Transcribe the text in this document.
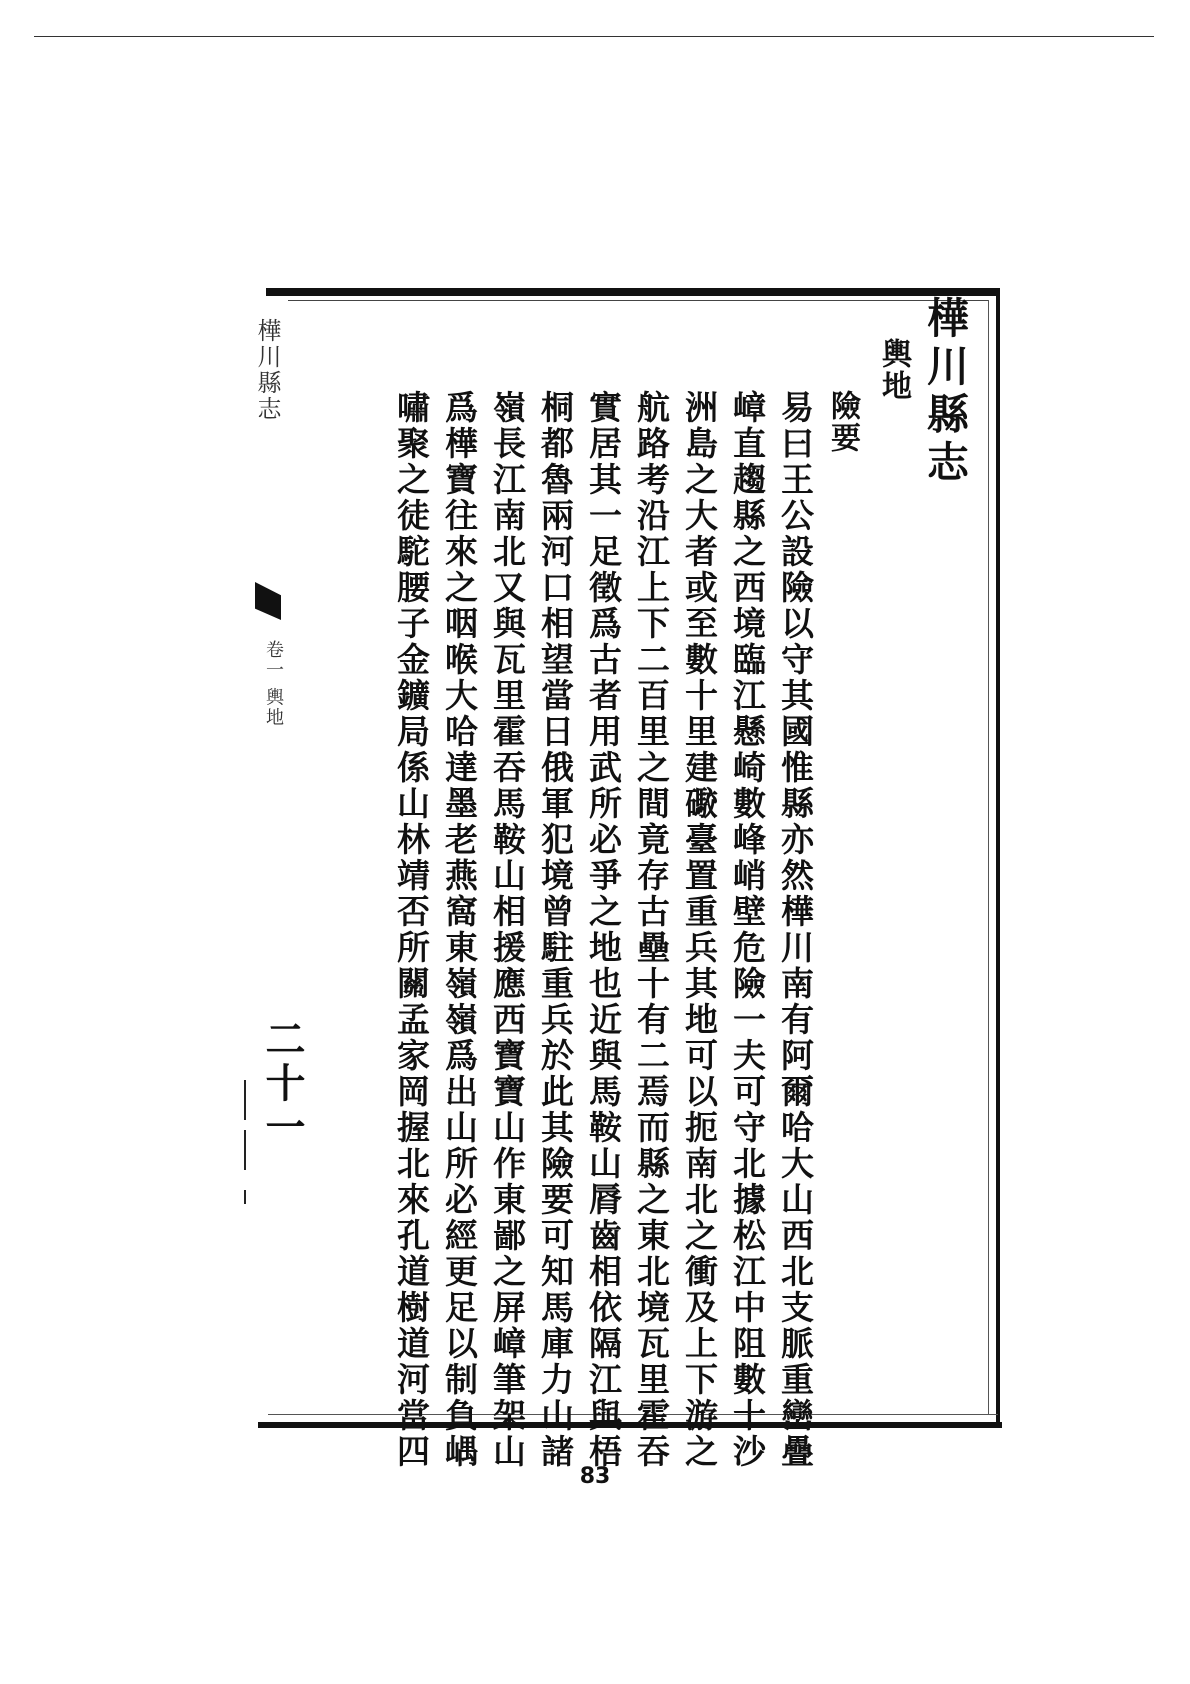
樺川縣志
輿地
險要
易曰王公設險以守其國惟縣亦然樺川南有阿爾哈大山西北支脈重巒疊
嶂直趨縣之西境臨江懸崎數峰峭壁危險一夫可守北據松江中阻數十沙
洲島之大者或至數十里建礮臺置重兵其地可以扼南北之衝及上下游之
航路考沿江上下二百里之間竟存古壘十有二焉而縣之東北境瓦里霍吞
實居其一足徵爲古者用武所必爭之地也近與馬鞍山脣齒相依隔江與梧
桐都魯兩河口相望當日俄軍犯境曾駐重兵於此其險要可知馬庫力山諸
嶺長江南北又與瓦里霍吞馬鞍山相援應西寶寶山作東鄙之屏嶂筆架山
爲樺寶往來之咽喉大哈達墨老燕窩東嶺嶺爲出山所必經更足以制負嵎
嘯聚之徒駝腰子金鑛局係山林靖否所關孟家岡握北來孔道樹道河當四
樺川縣志
卷一 輿地
二十一
83
